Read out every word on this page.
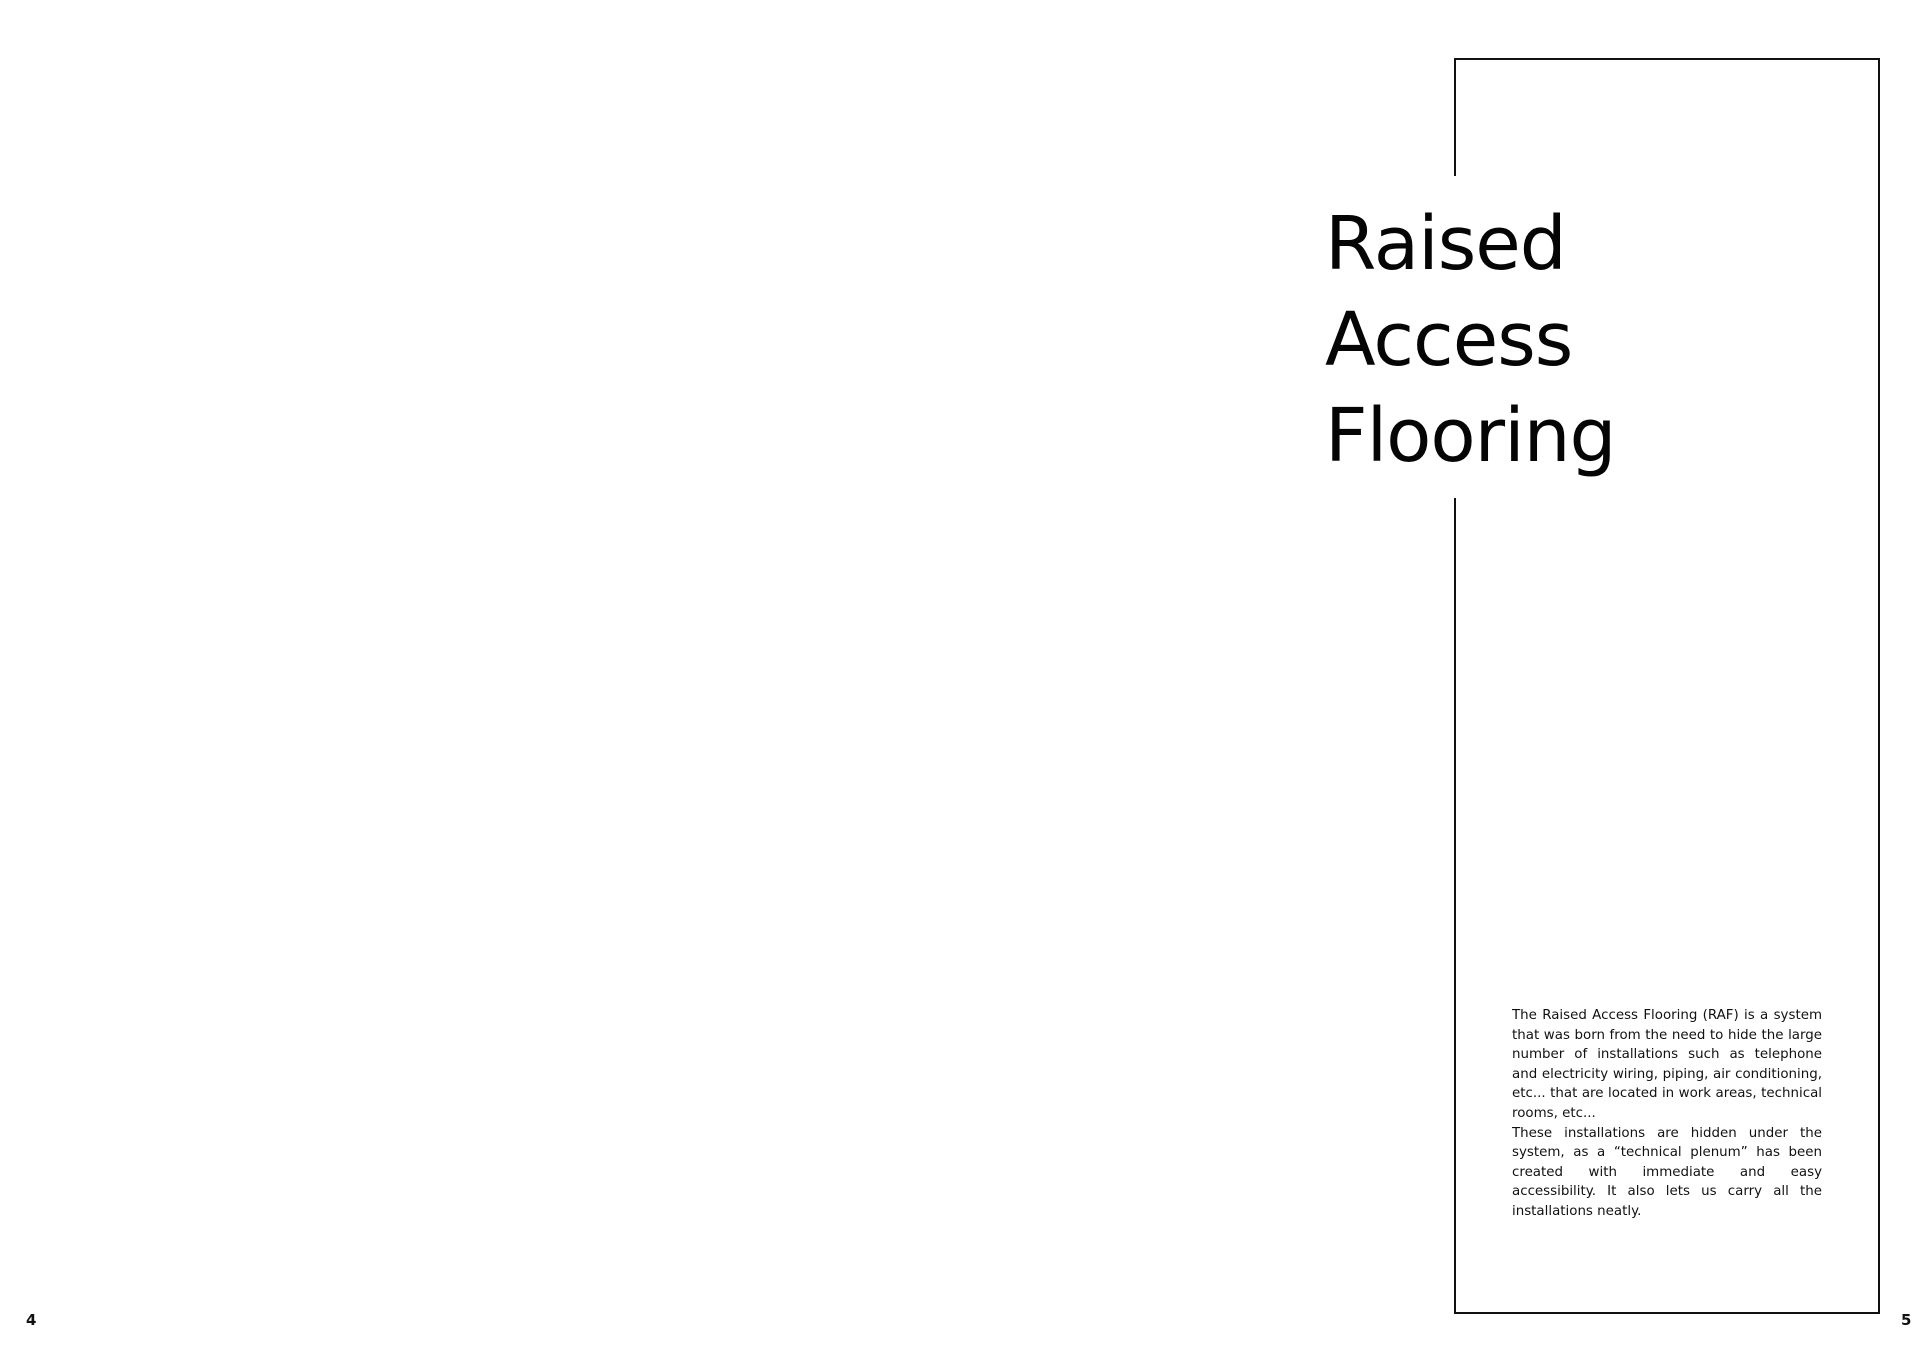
Raised
Access
Flooring

The Raised Access Flooring (RAF) is a system that was born from the need to hide the large number of installations such as telephone and electricity wiring, piping, air conditioning, etc... that are located in work areas, technical rooms, etc...

These installations are hidden under the system, as a “technical plenum” has been created with immediate and easy accessibility. It also lets us carry all the installations neatly.

4	5
